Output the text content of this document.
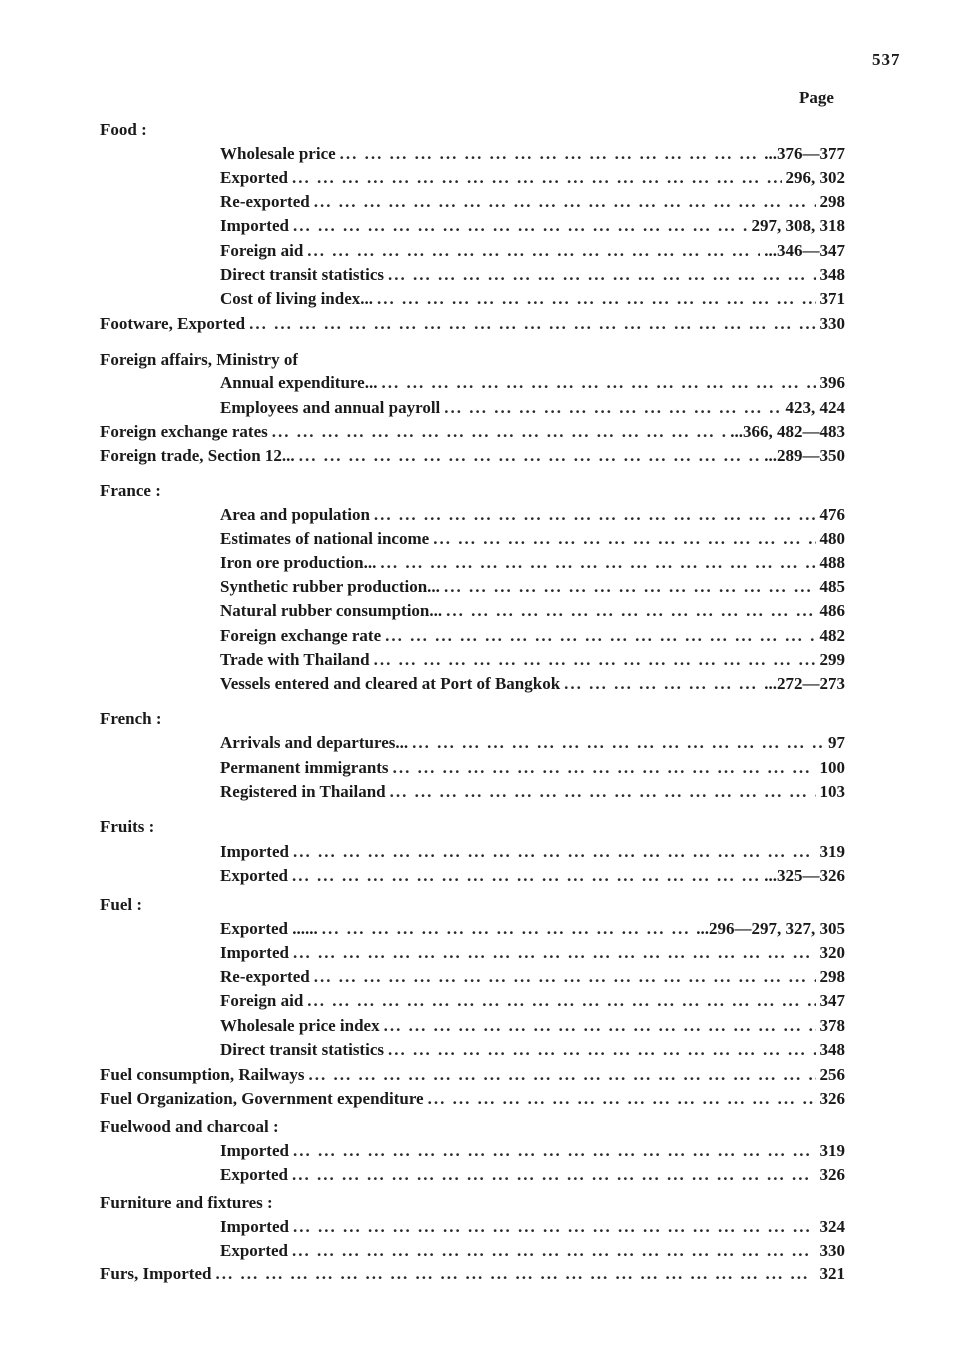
537
Page
Food :
Wholesale price ... .	...376—377
Exported ... .	296, 302
Re-exported ... .	298
Imported ... .	297, 308, 318
Foreign aid ... .	...346—347
Direct transit statistics ... .	348
Cost of living index... ... .	371
Footware, Exported ... .	330
Foreign affairs, Ministry of
Annual expenditure... ... .	396
Employees and annual payroll ... .	423, 424
Foreign exchange rates ... .	...366, 482—483
Foreign trade, Section 12... ... .	...289—350
France :
Area and population ... .	476
Estimates of national income ... .	480
Iron ore production... ... .	488
Synthetic rubber production... ... .	485
Natural rubber consumption... ... .	486
Foreign exchange rate ... .	482
Trade with Thailand ... .	299
Vessels entered and cleared at Port of Bangkok ... .	...272—273
French :
Arrivals and departures... ... .	97
Permanent immigrants ... .	100
Registered in Thailand ... .	103
Fruits :
Imported ... .	319
Exported ... .	...325—326
Fuel :
Exported ...... ... .	...296—297, 327, 305
Imported ... .	320
Re-exported ... .	298
Foreign aid ... .	347
Wholesale price index ... .	378
Direct transit statistics ... .	348
Fuel consumption, Railways ... .	256
Fuel Organization, Government expenditure ... .	326
Fuelwood and charcoal :
Imported ... .	319
Exported ... .	326
Furniture and fixtures :
Imported ... .	324
Exported ... .	330
Furs, Imported ... .	321
